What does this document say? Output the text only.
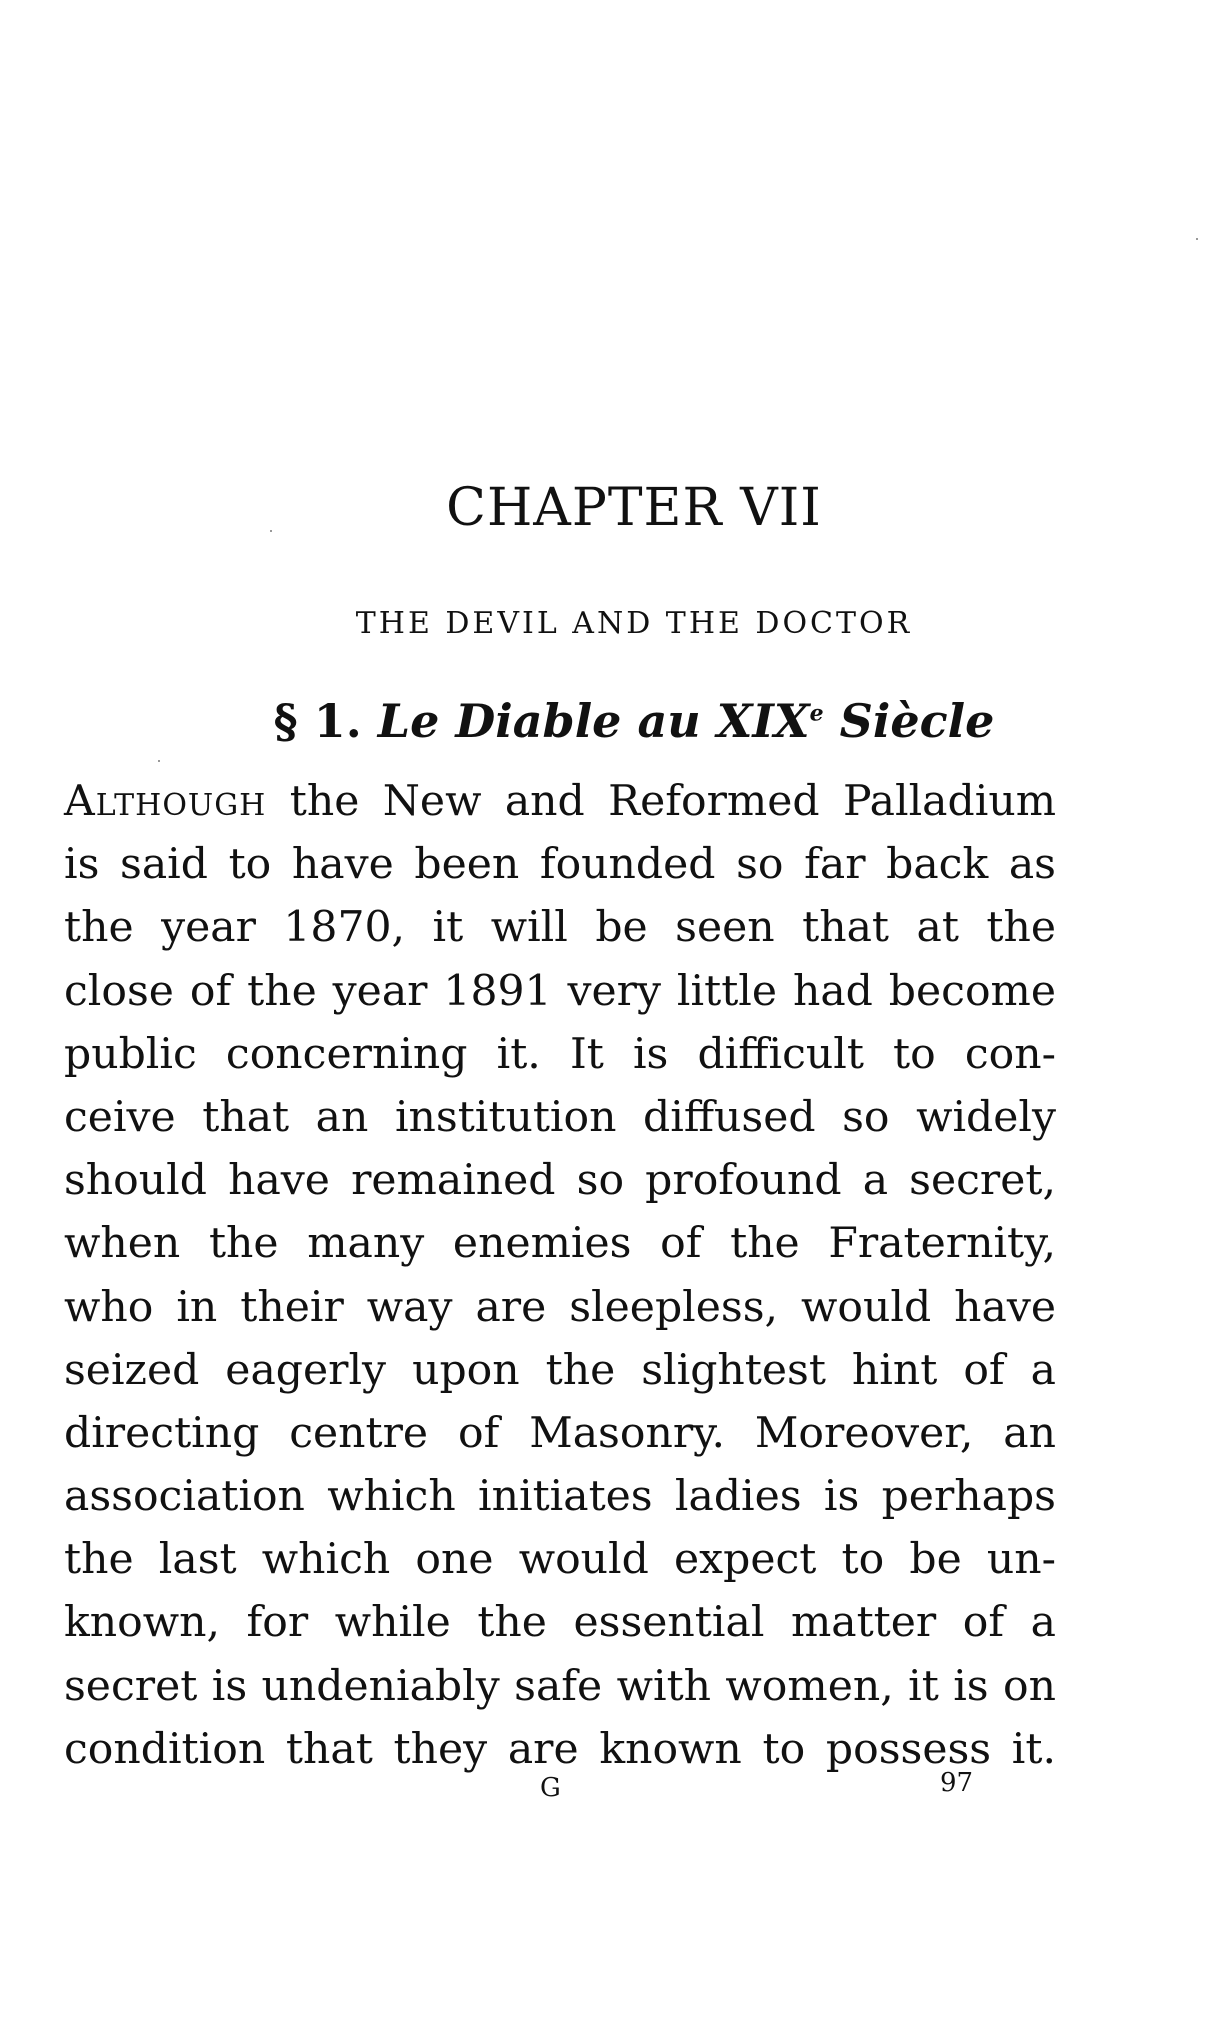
CHAPTER VII
THE DEVIL AND THE DOCTOR
§ 1. Le Diable au XIXe Siècle
Although the New and Reformed Palladium
is said to have been founded so far back as
the year 1870, it will be seen that at the
close of the year 1891 very little had become
public concerning it. It is difficult to con-
ceive that an institution diffused so widely
should have remained so profound a secret,
when the many enemies of the Fraternity,
who in their way are sleepless, would have
seized eagerly upon the slightest hint of a
directing centre of Masonry. Moreover, an
association which initiates ladies is perhaps
the last which one would expect to be un-
known, for while the essential matter of a
secret is undeniably safe with women, it is on
condition that they are known to possess it.
G	97
